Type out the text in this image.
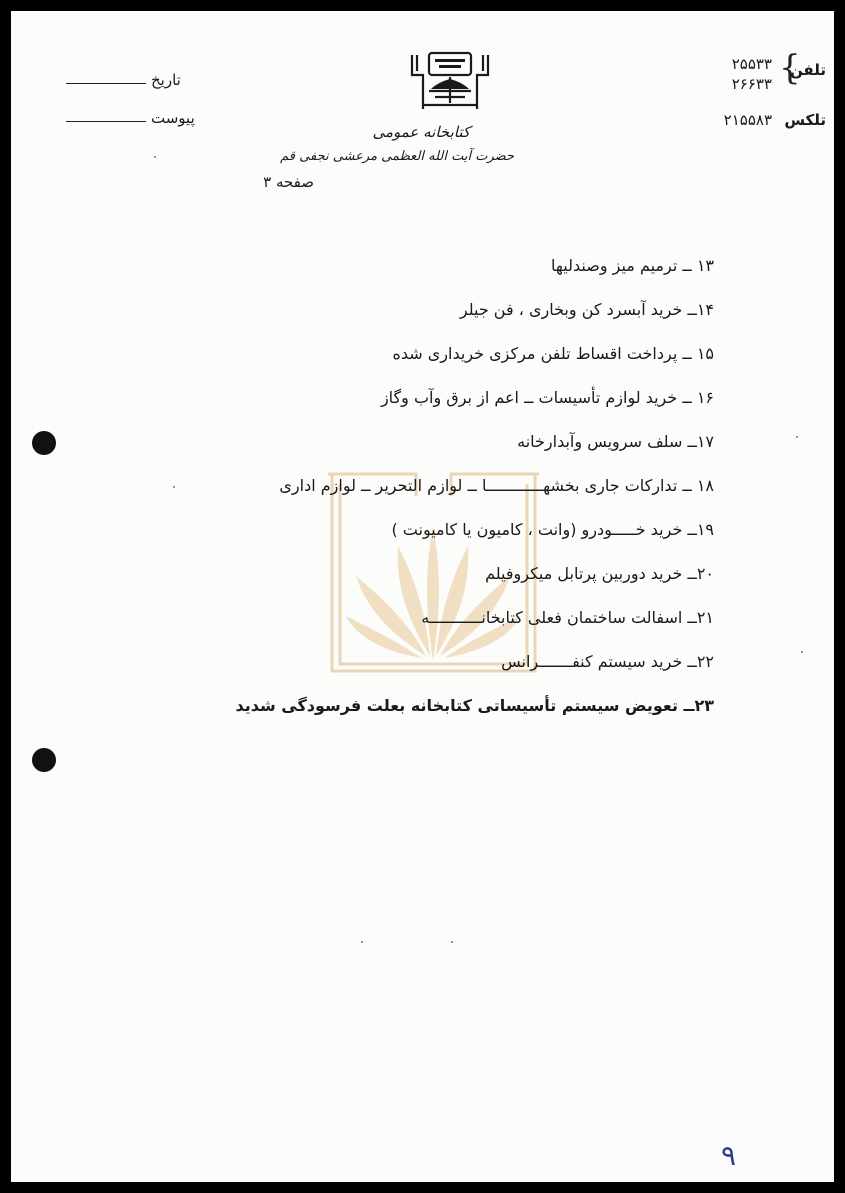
تلفن
{
۲۵۵۳۳
۲۶۶۳۳
تلکس
۲۱۵۵۸۳
تاریخ
پیوست
کتابخانه عمومی
حضرت آیت الله العظمی مرعشی نجفی قم
صفحه ۳
۱۳ ــ ترمیم میز وصندلیها
۱۴ــ خرید آبسرد کن وبخاری ، فن جیلر
۱۵ ــ پرداخت اقساط تلفن مرکزی خریداری شده
۱۶ ــ خرید لوازم تأسیسات ــ اعم از برق وآب وگاز
۱۷ــ سلف سرویس وآبدارخانه
۱۸ ــ تدارکات جاری بخشهــــــــــــا ــ لوازم التحریر ــ لوازم اداری
۱۹ــ خرید خـــــودرو (وانت ، کامیون یا کامیونت )
۲۰ــ خرید دوربین پرتابل میکروفیلم
۲۱ــ اسفالت ساختمان فعلی کتابخانـــــــــــه
۲۲ــ خرید سیستم کنفـــــــرانس
۲۳ــ تعویض سیستم تأسیساتی کتابخانه بعلت فرسودگی شدید
۹
